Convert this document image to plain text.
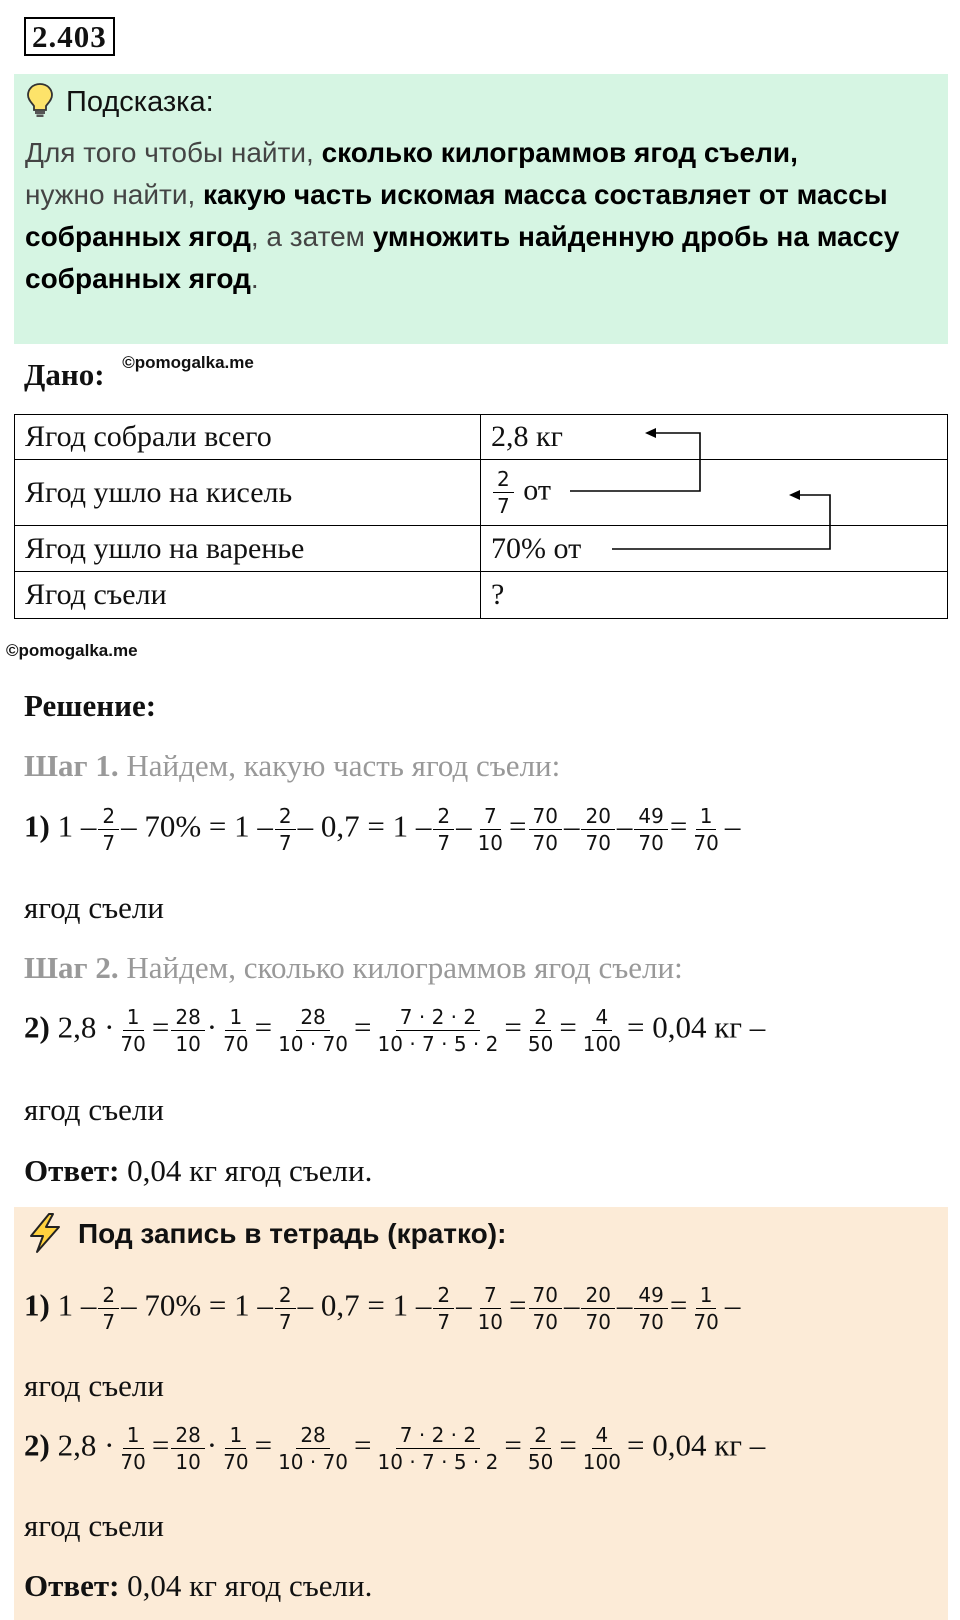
2.403
Подсказка:
Для того чтобы найти, сколько килограммов ягод съели,
нужно найти, какую часть искомая масса составляет от массы собранных ягод, а затем умножить найденную дробь на массу собранных ягод.
Дано: $^{©pomogalka.me}$
Ягод собрали всего	2,8 кг
Ягод ушло на кисель	$\frac{2}{7}$ от
Ягод ушло на варенье	70% от
Ягод съели	?
©pomogalka.me
Решение:
Шаг 1. Найдем, какую часть ягод съели:
1) $1 - \frac{2}{7} - 70\% = 1 - \frac{2}{7} - 0,7 = 1 - \frac{2}{7} - \frac{7}{10} = \frac{70}{70} - \frac{20}{70} - \frac{49}{70} = \frac{1}{70}$ –
ягод съели
Шаг 2. Найдем, сколько килограммов ягод съели:
2) $2,8 \cdot \frac{1}{70} = \frac{28}{10} \cdot \frac{1}{70} = \frac{28}{10 \cdot 70} = \frac{7 \cdot 2 \cdot 2}{10 \cdot 7 \cdot 5 \cdot 2} = \frac{2}{50} = \frac{4}{100} = 0,04$ кг –
ягод съели
Ответ: 0,04 кг ягод съели.
Под запись в тетрадь (кратко):
1) $1 - \frac{2}{7} - 70\% = 1 - \frac{2}{7} - 0,7 = 1 - \frac{2}{7} - \frac{7}{10} = \frac{70}{70} - \frac{20}{70} - \frac{49}{70} = \frac{1}{70}$ –
ягод съели
2) $2,8 \cdot \frac{1}{70} = \frac{28}{10} \cdot \frac{1}{70} = \frac{28}{10 \cdot 70} = \frac{7 \cdot 2 \cdot 2}{10 \cdot 7 \cdot 5 \cdot 2} = \frac{2}{50} = \frac{4}{100} = 0,04$ кг –
ягод съели
Ответ: 0,04 кг ягод съели.
